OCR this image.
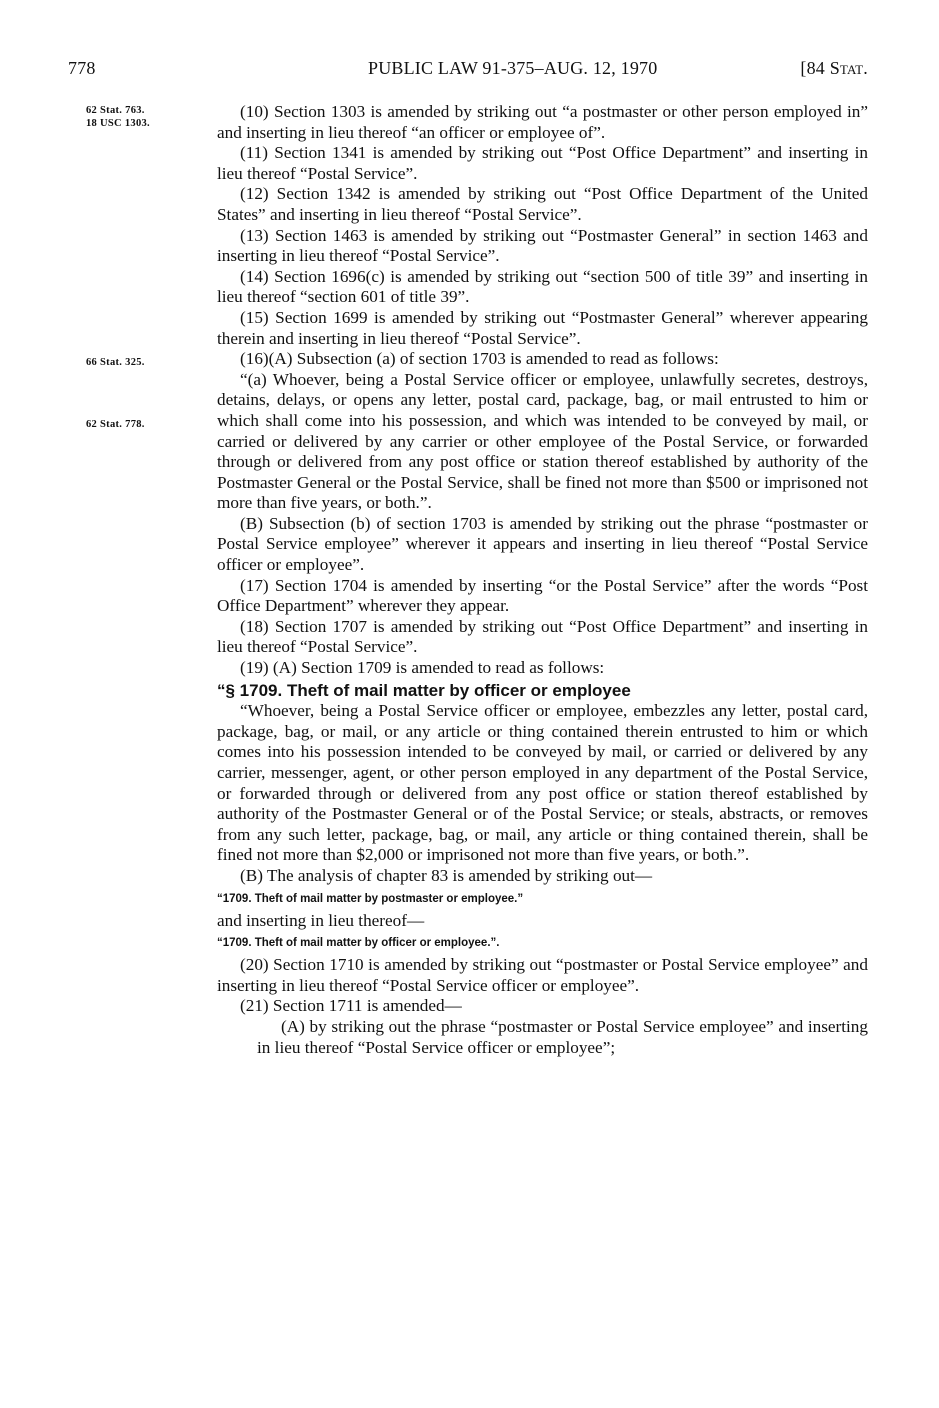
778	PUBLIC LAW 91-375–AUG. 12, 1970	[84 Stat.
62 Stat. 763.
18 USC 1303.
66 Stat. 325.
62 Stat. 778.

(10) Section 1303 is amended by striking out “a postmaster or other person employed in” and inserting in lieu thereof “an officer or employee of”.

(11) Section 1341 is amended by striking out “Post Office Department” and inserting in lieu thereof “Postal Service”.

(12) Section 1342 is amended by striking out “Post Office Department of the United States” and inserting in lieu thereof “Postal Service”.

(13) Section 1463 is amended by striking out “Postmaster General” in section 1463 and inserting in lieu thereof “Postal Service”.

(14) Section 1696(c) is amended by striking out “section 500 of title 39” and inserting in lieu thereof “section 601 of title 39”.

(15) Section 1699 is amended by striking out “Postmaster General” wherever appearing therein and inserting in lieu thereof “Postal Service”.

(16)(A) Subsection (a) of section 1703 is amended to read as follows:

“(a) Whoever, being a Postal Service officer or employee, unlawfully secretes, destroys, detains, delays, or opens any letter, postal card, package, bag, or mail entrusted to him or which shall come into his possession, and which was intended to be conveyed by mail, or carried or delivered by any carrier or other employee of the Postal Service, or forwarded through or delivered from any post office or station thereof established by authority of the Postmaster General or the Postal Service, shall be fined not more than $500 or imprisoned not more than five years, or both.”.

(B) Subsection (b) of section 1703 is amended by striking out the phrase “postmaster or Postal Service employee” wherever it appears and inserting in lieu thereof “Postal Service officer or employee”.

(17) Section 1704 is amended by inserting “or the Postal Service” after the words “Post Office Department” wherever they appear.

(18) Section 1707 is amended by striking out “Post Office Department” and inserting in lieu thereof “Postal Service”.

(19) (A) Section 1709 is amended to read as follows:

“§ 1709. Theft of mail matter by officer or employee

“Whoever, being a Postal Service officer or employee, embezzles any letter, postal card, package, bag, or mail, or any article or thing contained therein entrusted to him or which comes into his possession intended to be conveyed by mail, or carried or delivered by any carrier, messenger, agent, or other person employed in any department of the Postal Service, or forwarded through or delivered from any post office or station thereof established by authority of the Postmaster General or of the Postal Service; or steals, abstracts, or removes from any such letter, package, bag, or mail, any article or thing contained therein, shall be fined not more than $2,000 or imprisoned not more than five years, or both.”.

(B) The analysis of chapter 83 is amended by striking out—

“1709. Theft of mail matter by postmaster or employee.”

and inserting in lieu thereof—

“1709. Theft of mail matter by officer or employee.”.

(20) Section 1710 is amended by striking out “postmaster or Postal Service employee” and inserting in lieu thereof “Postal Service officer or employee”.

(21) Section 1711 is amended—

(A) by striking out the phrase “postmaster or Postal Service employee” and inserting in lieu thereof “Postal Service officer or employee”;
